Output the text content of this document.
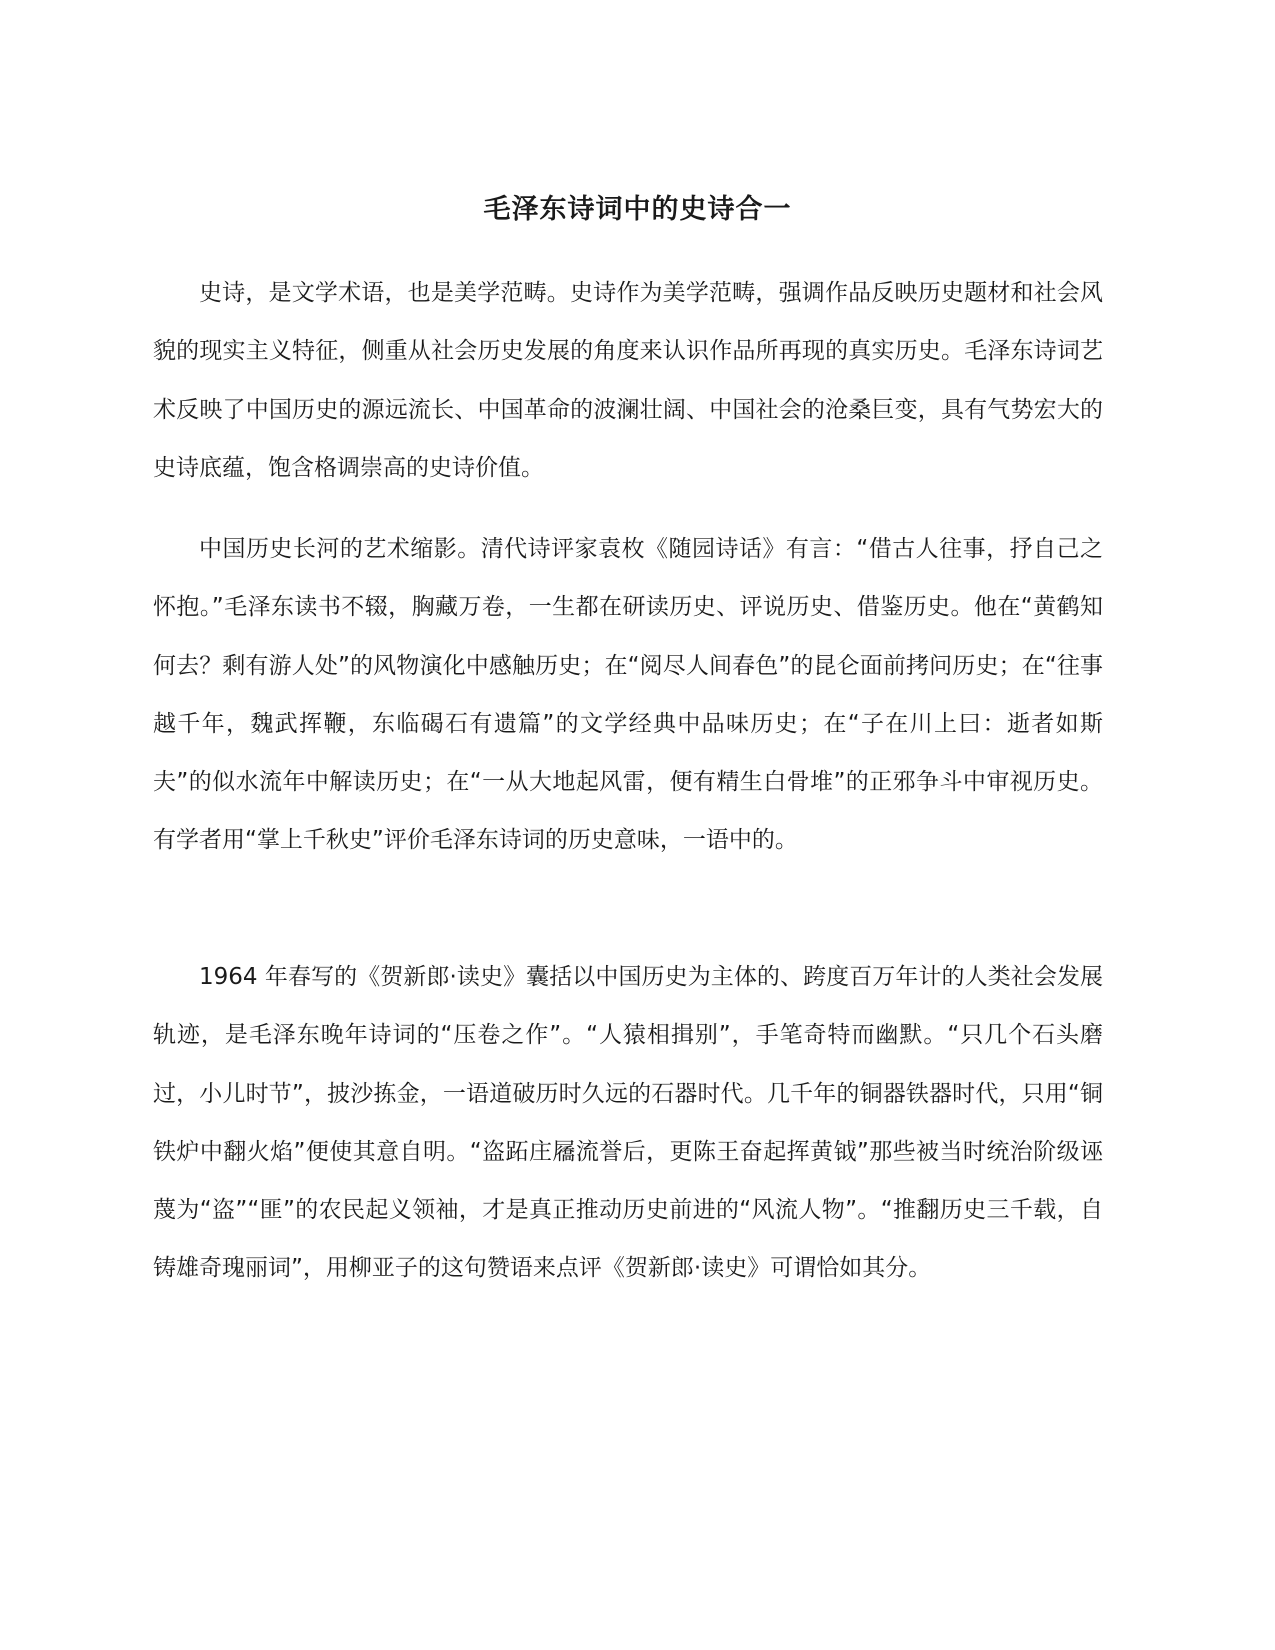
毛泽东诗词中的史诗合一

史诗，是文学术语，也是美学范畴。史诗作为美学范畴，强调作品反映历史题材和社会风貌的现实主义特征，侧重从社会历史发展的角度来认识作品所再现的真实历史。毛泽东诗词艺术反映了中国历史的源远流长、中国革命的波澜壮阔、中国社会的沧桑巨变，具有气势宏大的史诗底蕴，饱含格调崇高的史诗价值。

中国历史长河的艺术缩影。清代诗评家袁枚《随园诗话》有言：“借古人往事，抒自己之怀抱。”毛泽东读书不辍，胸藏万卷，一生都在研读历史、评说历史、借鉴历史。他在“黄鹤知何去？剩有游人处”的风物演化中感触历史；在“阅尽人间春色”的昆仑面前拷问历史；在“往事越千年，魏武挥鞭，东临碣石有遗篇”的文学经典中品味历史；在“子在川上曰：逝者如斯夫”的似水流年中解读历史；在“一从大地起风雷，便有精生白骨堆”的正邪争斗中审视历史。有学者用“掌上千秋史”评价毛泽东诗词的历史意味，一语中的。

1964 年春写的《贺新郎·读史》囊括以中国历史为主体的、跨度百万年计的人类社会发展轨迹，是毛泽东晚年诗词的“压卷之作”。“人猿相揖别”，手笔奇特而幽默。“只几个石头磨过，小儿时节”，披沙拣金，一语道破历时久远的石器时代。几千年的铜器铁器时代，只用“铜铁炉中翻火焰”便使其意自明。“盗跖庄屩流誉后，更陈王奋起挥黄钺”那些被当时统治阶级诬蔑为“盗”“匪”的农民起义领袖，才是真正推动历史前进的“风流人物”。“推翻历史三千载，自铸雄奇瑰丽词”，用柳亚子的这句赞语来点评《贺新郎·读史》可谓恰如其分。
